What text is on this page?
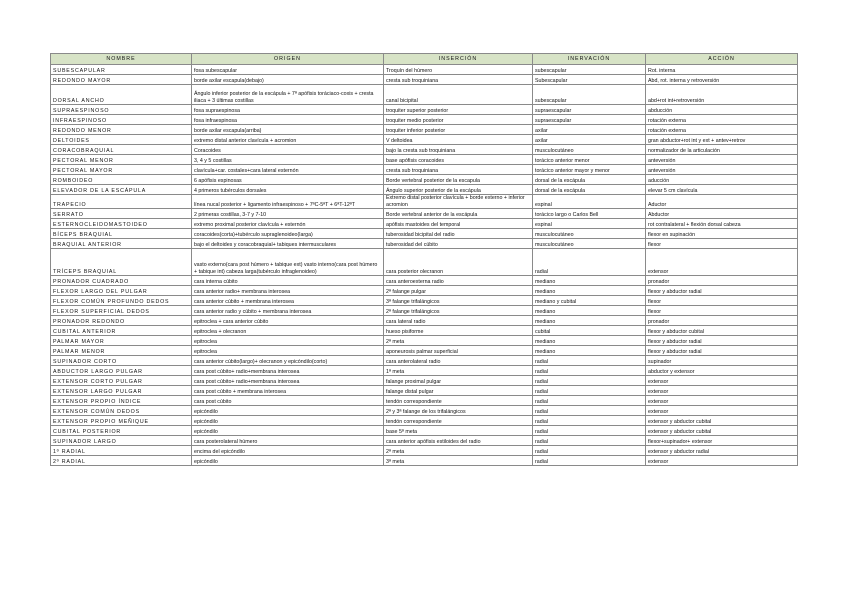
NOMBRE	ORIGEN	INSERCIÓN	INERVACIÓN	ACCIÓN
SUBESCAPULAR	fosa subescapular	Troquín del húmero	subescapular	Rot. interna
REDONDO MAYOR	borde axilar escapula(debajo)	cresta sub troquiniana	Subescapular	Abd, rot. interna y retroversión
DORSAL ANCHO	Ángulo inferior posterior de la escápula + 7ª apófisis toráciaco-coxis + cresta iliaca + 3 últimas costillas	canal bicipital	subescapular	abd+rot int+retroversión
SUPRAESPINOSO	fosa supraespinosa	troquiter superior posterior	supraescapular	abducción
INFRAESPINOSO	fosa infraespinosa	troquiter medio posterior	supraescapular	rotación externa
REDONDO MENOR	borde axilar escapula(arriba)	troquiter inferior posterior	axilar	rotación externa
DELTOIDES	extremo distal anterior clavícula + acromion	V deltoidea	axilar	gran abductor+rot int y ext + antev+retrov
CORACOBRAQUIAL	Coracoides	bajo la cresta sub troquiniana	musculocutáneo	normalizador de la articulación
PECTORAL MENOR	3, 4 y 5 costillas	base apófisis coracoides	torácico anterior menor	anteversión
PECTORAL MAYOR	clavícula+car. costales+cara lateral esternón	cresta sub troquiniana	torácico anterior mayor y menor	anteversión
ROMBOIDEO	6 apófisis espinosas	Borde vertebral posterior de la escapula	dorsal de la escápula	aducción
ELEVADOR DE LA ESCÁPULA	4 primeros tubérculos dorsales	Ángulo superior posterior de la escápula	dorsal de la escápula	elevar 5 cm clavícula
TRAPECIO	línea nucal posterior + ligamento infraespinoso + 7ªC-5ªT + 6ªT-12ªT	Extremo distal posterior clavícula + borde externo + inferior acromion	espinal	Aductor
SERRATO	2 primeras costillas, 3-7 y 7-10	Borde vertebral anterior de la escápula	torácico largo o Carlos Bell	Abductor
ESTERNOCLEIDOMASTOIDEO	extremo proximal posterior clavícula + esternón	apófisis mastoides del temporal	espinal	rot contralateral + flexión dorsal cabeza
BÍCEPS BRAQUIAL	coracoides(corta)+tubérculo supraglenoideo(larga)	tuberosidad bicipital del radio	musculocutáneo	flexor en supinación
BRAQUIAL ANTERIOR	bajo el deltoides y coracobraquial+ tabiques intermusculares	tuberosidad del cúbito	musculocutáneo	flexor
TRÍCEPS BRAQUIAL	vasto externo(cara post húmero + tabique ext) vasto interno(cara post húmero + tabique int) cabeza larga(tubérculo infraglenoideo)	cara posterior olecranon	radial	extensor
PRONADOR CUADRADO	cara interna cúbito	cara anteroexterna radio	mediano	pronador
FLEXOR LARGO DEL PULGAR	cara anterior radio+ membrana interosea	2ª falange pulgar	mediano	flexor y abductor radial
FLEXOR COMÚN PROFUNDO DEDOS	cara anterior cúbito + membrana interosea	3ª falange trifalángicos	mediano y cubital	flexor
FLEXOR SUPERFICIAL DEDOS	cara anterior radio y cúbito + membrana interosea	2ª falange trifalángicos	mediano	flexor
PRONADOR REDONDO	epitroclea + cara anterior cúbito	cara lateral radio	mediano	pronador
CUBITAL ANTERIOR	epitroclea + olecranon	hueso pisiforme	cubital	flexor y abductor cubital
PALMAR MAYOR	epitroclea	2ª meta	mediano	flexor y abductor radial
PALMAR MENOR	epitroclea	aponeurosis palmar superficial	mediano	flexor y abductor radial
SUPINADOR CORTO	cara anterior cúbito(largo)+ olecranon y epicóndilo(corto)	cara anterolateral radio	radial	supinador
ABDUCTOR LARGO PULGAR	cara post cúbito+ radio+membrana interosea	1ª meta	radial	abductor y extensor
EXTENSOR CORTO PULGAR	cara post cúbito+ radio+membrana interosea	falange proximal pulgar	radial	extensor
EXTENSOR LARGO PULGAR	cara post cúbito + membrana interosea	falange distal pulgar	radial	extensor
EXTENSOR PROPIO ÍNDICE	cara post cúbito	tendón correspondiente	radial	extensor
EXTENSOR COMÚN DEDOS	epicóndilo	2ª y 3ª falange de los trifalángicos	radial	extensor
EXTENSOR PROPIO MEÑIQUE	epicóndilo	tendón correspondiente	radial	extensor y abductor cubital
CUBITAL POSTERIOR	epicóndilo	base 5ª meta	radial	extensor y abductor cubital
SUPINADOR LARGO	cara posterolateral húmero	cara anterior apófisis estiloides del radio	radial	flexor+supinador+ extensor
1º RADIAL	encima del epicóndilo	2ª meta	radial	extensor y abductor radial
2º RADIAL	epicóndilo	3ª meta	radial	extensor
